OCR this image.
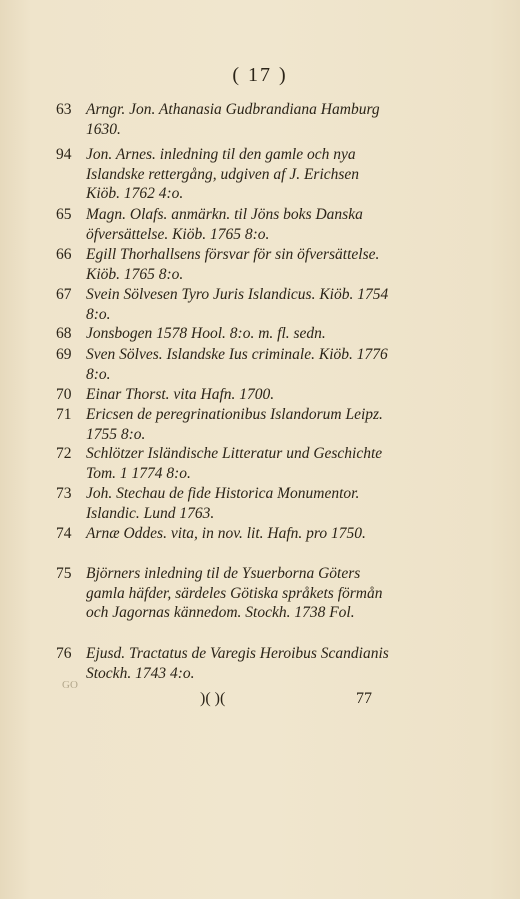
( 17 )
63 Arngr. Jon. Athanasia Gudbrandiana Hamburg 1630.
94 Jon. Arnes. inledning til den gamle och nya Islandske rettergång, udgiven af J. Erichsen Kiöb. 1762 4:o.
65 Magn. Olafs. anmärkn. til Jöns boks Danska öfversättelse. Kiöb. 1765 8:o.
66 Egill Thorhallsens försvar för sin öfversättelse. Kiöb. 1765 8:o.
67 Svein Sölvesen Tyro Juris Islandicus. Kiöb. 1754 8:o.
68 Jonsbogen 1578 Hool. 8:o. m. fl. sedn.
69 Sven Sölves. Islandske Ius criminale. Kiöb. 1776 8:o.
70 Einar Thorst. vita Hafn. 1700.
71 Ericsen de peregrinationibus Islandorum Leipz. 1755 8:o.
72 Schlötzer Isländische Litteratur und Geschichte Tom. 1 1774 8:o.
73 Joh. Stechau de fide Historica Monumentor. Islandic. Lund 1763.
74 Arnæ Oddes. vita, in nov. lit. Hafn. pro 1750.
75 Björners inledning til de Ysuerborna Göters gamla häfder, särdeles Götiska språkets förmån och Jagornas kännedom. Stockh. 1738 Fol.
76 Ejusd. Tractatus de Varegis Heroibus Scandianis Stockh. 1743 4:o.
GO
)( )(	77
